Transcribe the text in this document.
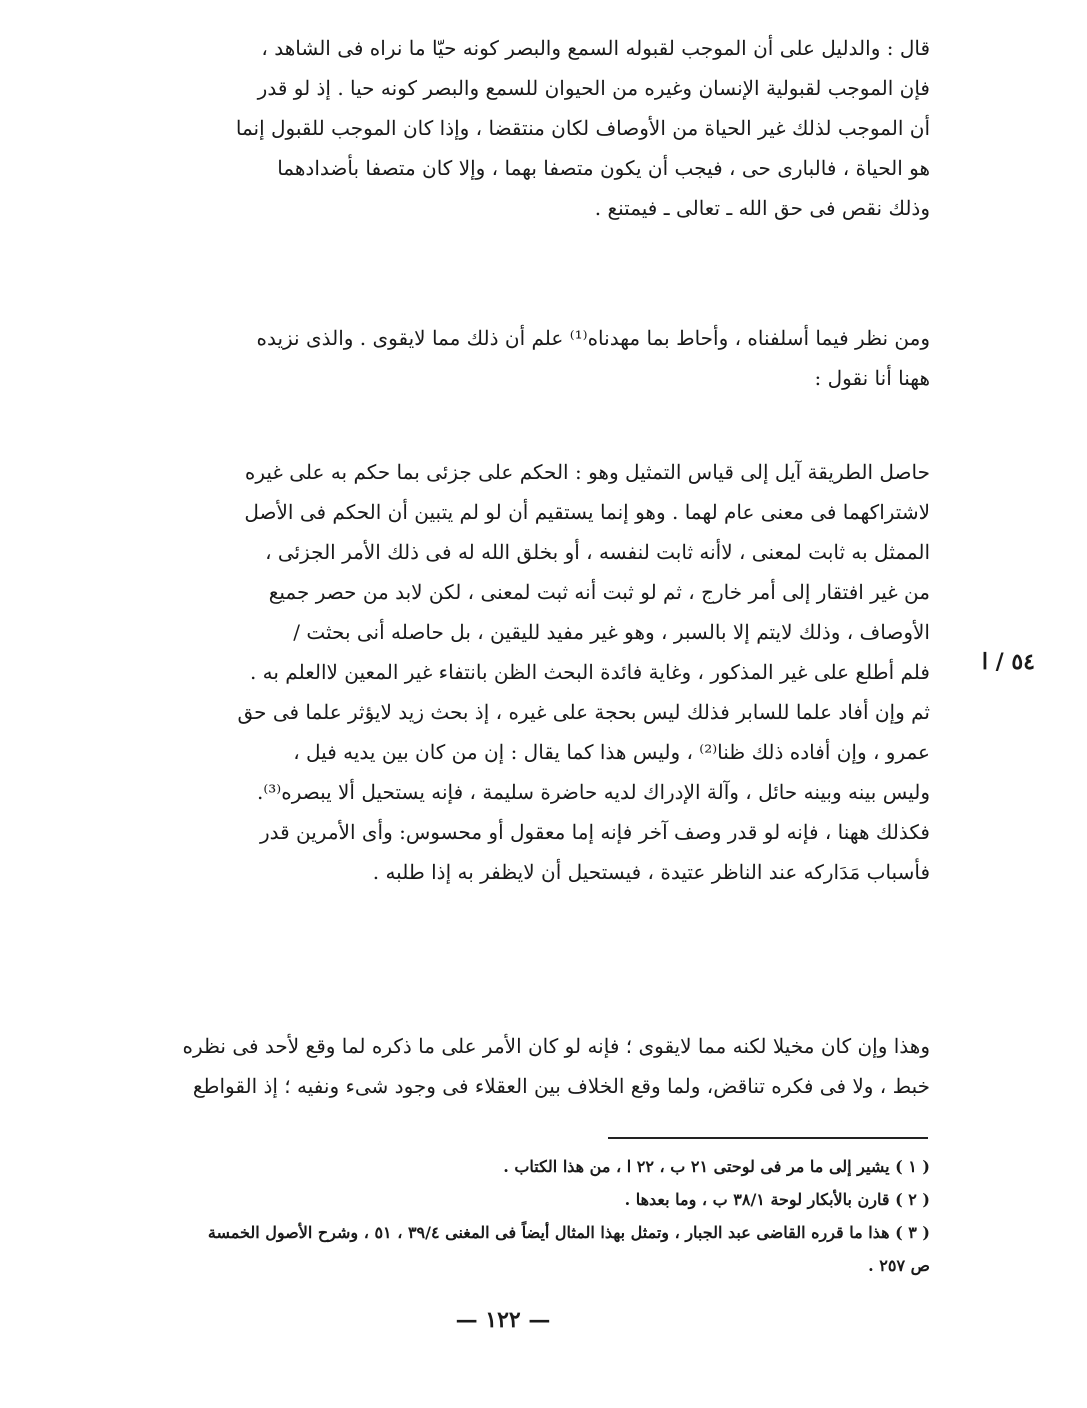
قال : والدليل على أن الموجب لقبوله السمع والبصر كونه حيّا ما نراه فى الشاهد ،
فإن الموجب لقبولية الإنسان وغيره من الحيوان للسمع والبصر كونه حيا . إذ لو قدر
أن الموجب لذلك غير الحياة من الأوصاف لكان منتقضا ، وإذا كان الموجب للقبول إنما
هو الحياة ، فالبارى حى ، فيجب أن يكون متصفا بهما ، وإلا كان متصفا بأضدادهما
وذلك نقص فى حق الله ـ تعالى ـ فيمتنع .
ومن نظر فيما أسلفناه ، وأحاط بما مهدناه⁽¹⁾ علم أن ذلك مما لايقوى . والذى نزيده
ههنا أنا نقول :
حاصل الطريقة آيل إلى قياس التمثيل وهو : الحكم على جزئى بما حكم به على غيره
لاشتراكهما فى معنى عام لهما . وهو إنما يستقيم أن لو لم يتبين أن الحكم فى الأصل
الممثل به ثابت لمعنى ، لاأنه ثابت لنفسه ، أو بخلق الله له فى ذلك الأمر الجزئى ،
من غير افتقار إلى أمر خارج ، ثم لو ثبت أنه ثبت لمعنى ، لكن لابد من حصر جميع
الأوصاف ، وذلك لايتم إلا بالسبر ، وهو غير مفيد لليقين ، بل حاصله أنى بحثت /
فلم أطلع على غير المذكور ، وغاية فائدة البحث الظن بانتفاء غير المعين لاالعلم به .
ثم وإن أفاد علما للسابر فذلك ليس بحجة على غيره ، إذ بحث زيد لايؤثر علما فى حق
عمرو ، وإن أفاده ذلك ظنا⁽²⁾ ، وليس هذا كما يقال : إن من كان بين يديه فيل ،
وليس بينه وبينه حائل ، وآلة الإدراك لديه حاضرة سليمة ، فإنه يستحيل ألا يبصره⁽³⁾.
فكذلك ههنا ، فإنه لو قدر وصف آخر فإنه إما معقول أو محسوس: وأى الأمرين قدر
فأسباب مَدَاركه عند الناظر عتيدة ، فيستحيل أن لايظفر به إذا طلبه .
٥٤ / ا
وهذا وإن كان مخيلا لكنه مما لايقوى ؛ فإنه لو كان الأمر على ما ذكره لما وقع لأحد فى نظره
خبط ، ولا فى فكره تناقض، ولما وقع الخلاف بين العقلاء فى وجود شىء ونفيه ؛ إذ القواطع
( ١ ) يشير إلى ما مر فى لوحتى ٢١ ب ، ٢٢ ا ، من هذا الكتاب .
( ٢ ) قارن بالأبكار لوحة ٣٨/١ ب ، وما بعدها .
( ٣ ) هذا ما قرره القاضى عبد الجبار ، وتمثل بهذا المثال أيضاً فى المغنى ٣٩/٤ ، ٥١ ، وشرح الأصول الخمسة
ص ٢٥٧ .
— ١٢٢ —
